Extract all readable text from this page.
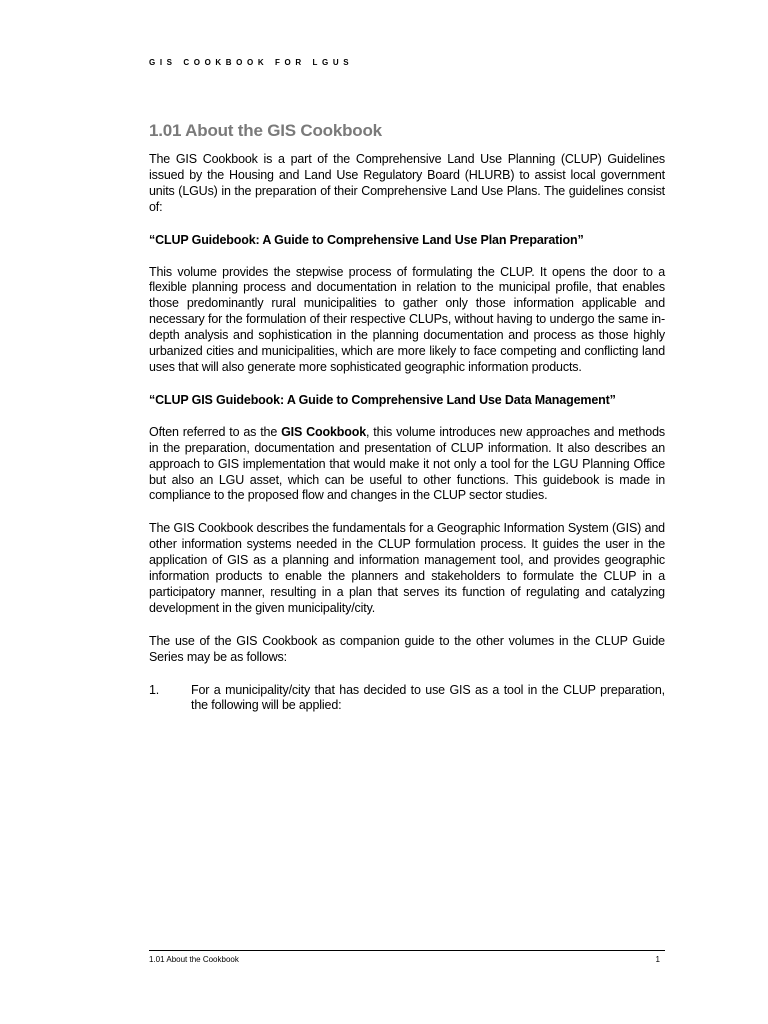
GIS COOKBOOK FOR LGUS
1.01 About the GIS Cookbook

The GIS Cookbook is a part of the Comprehensive Land Use Planning (CLUP) Guidelines issued by the Housing and Land Use Regulatory Board (HLURB) to assist local government units (LGUs) in the preparation of their Comprehensive Land Use Plans. The guidelines consist of:

“CLUP Guidebook: A Guide to Comprehensive Land Use Plan Preparation”

This volume provides the stepwise process of formulating the CLUP. It opens the door to a flexible planning process and documentation in relation to the municipal profile, that enables those predominantly rural municipalities to gather only those information applicable and necessary for the formulation of their respective CLUPs, without having to undergo the same in-depth analysis and sophistication in the planning documentation and process as those highly urbanized cities and municipalities, which are more likely to face competing and conflicting land uses that will also generate more sophisticated geographic information products.

“CLUP GIS Guidebook: A Guide to Comprehensive Land Use Data Management”

Often referred to as the GIS Cookbook, this volume introduces new approaches and methods in the preparation, documentation and presentation of CLUP information. It also describes an approach to GIS implementation that would make it not only a tool for the LGU Planning Office but also an LGU asset, which can be useful to other functions. This guidebook is made in compliance to the proposed flow and changes in the CLUP sector studies.

The GIS Cookbook describes the fundamentals for a Geographic Information System (GIS) and other information systems needed in the CLUP formulation process. It guides the user in the application of GIS as a planning and information management tool, and provides geographic information products to enable the planners and stakeholders to formulate the CLUP in a participatory manner, resulting in a plan that serves its function of regulating and catalyzing development in the given municipality/city.

The use of the GIS Cookbook as companion guide to the other volumes in the CLUP Guide Series may be as follows:

1.	For a municipality/city that has decided to use GIS as a tool in the CLUP preparation, the following will be applied:
1.01 About the Cookbook	1
